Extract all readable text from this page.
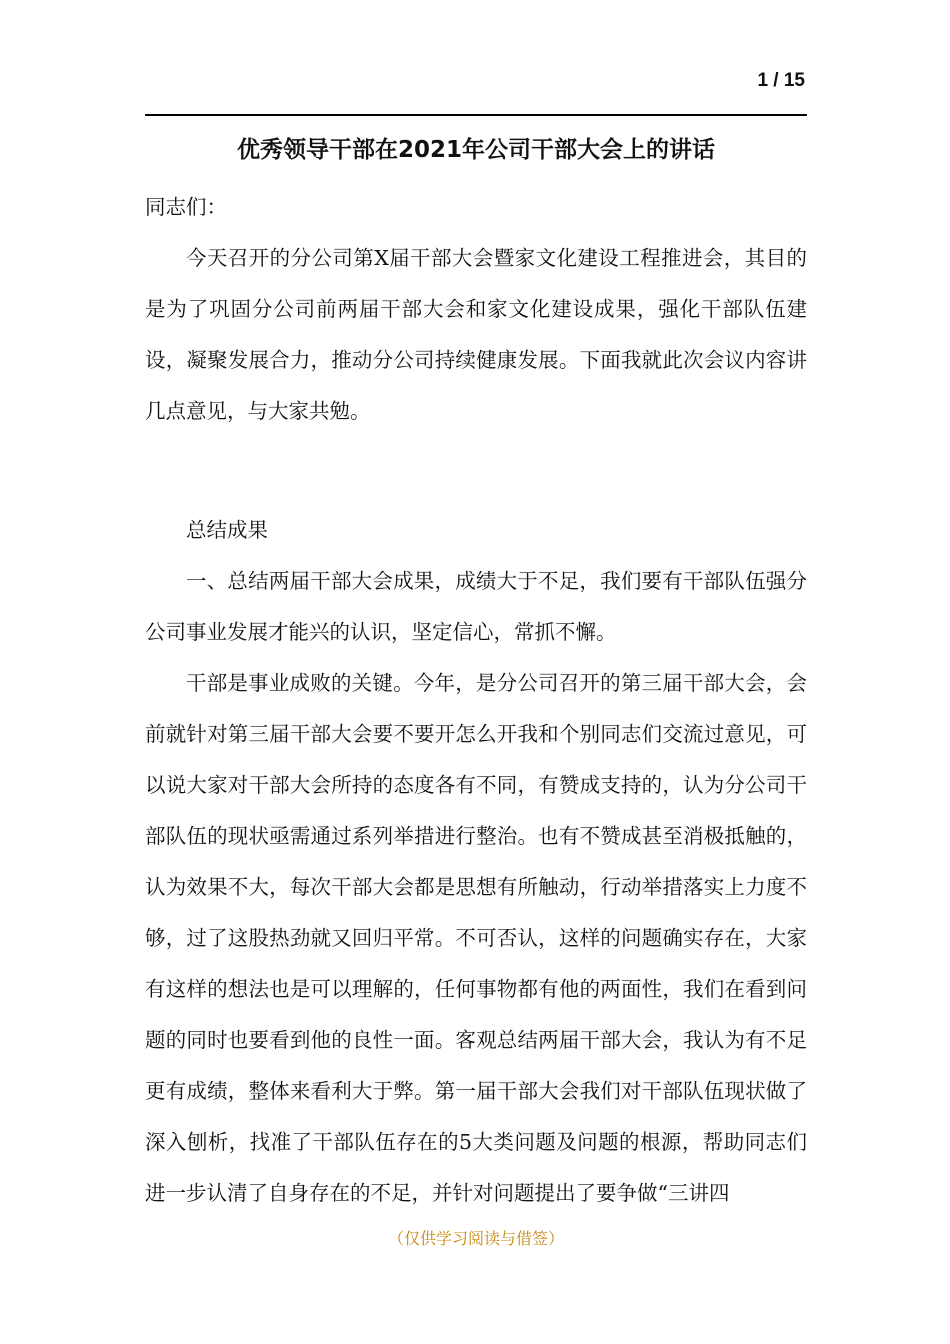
1 / 15
优秀领导干部在2021年公司干部大会上的讲话

同志们：

今天召开的分公司第X届干部大会暨家文化建设工程推进会，其目的是为了巩固分公司前两届干部大会和家文化建设成果，强化干部队伍建设，凝聚发展合力，推动分公司持续健康发展。下面我就此次会议内容讲几点意见，与大家共勉。

总结成果

一、总结两届干部大会成果，成绩大于不足，我们要有干部队伍强分公司事业发展才能兴的认识，坚定信心，常抓不懈。

干部是事业成败的关键。今年，是分公司召开的第三届干部大会，会前就针对第三届干部大会要不要开怎么开我和个别同志们交流过意见，可以说大家对干部大会所持的态度各有不同，有赞成支持的，认为分公司干部队伍的现状亟需通过系列举措进行整治。也有不赞成甚至消极抵触的，认为效果不大，每次干部大会都是思想有所触动，行动举措落实上力度不够，过了这股热劲就又回归平常。不可否认，这样的问题确实存在，大家有这样的想法也是可以理解的，任何事物都有他的两面性，我们在看到问题的同时也要看到他的良性一面。客观总结两届干部大会，我认为有不足更有成绩，整体来看利大于弊。第一届干部大会我们对干部队伍现状做了深入刨析，找准了干部队伍存在的5大类问题及问题的根源，帮助同志们进一步认清了自身存在的不足，并针对问题提出了要争做“三讲四

（仅供学习阅读与借签）
